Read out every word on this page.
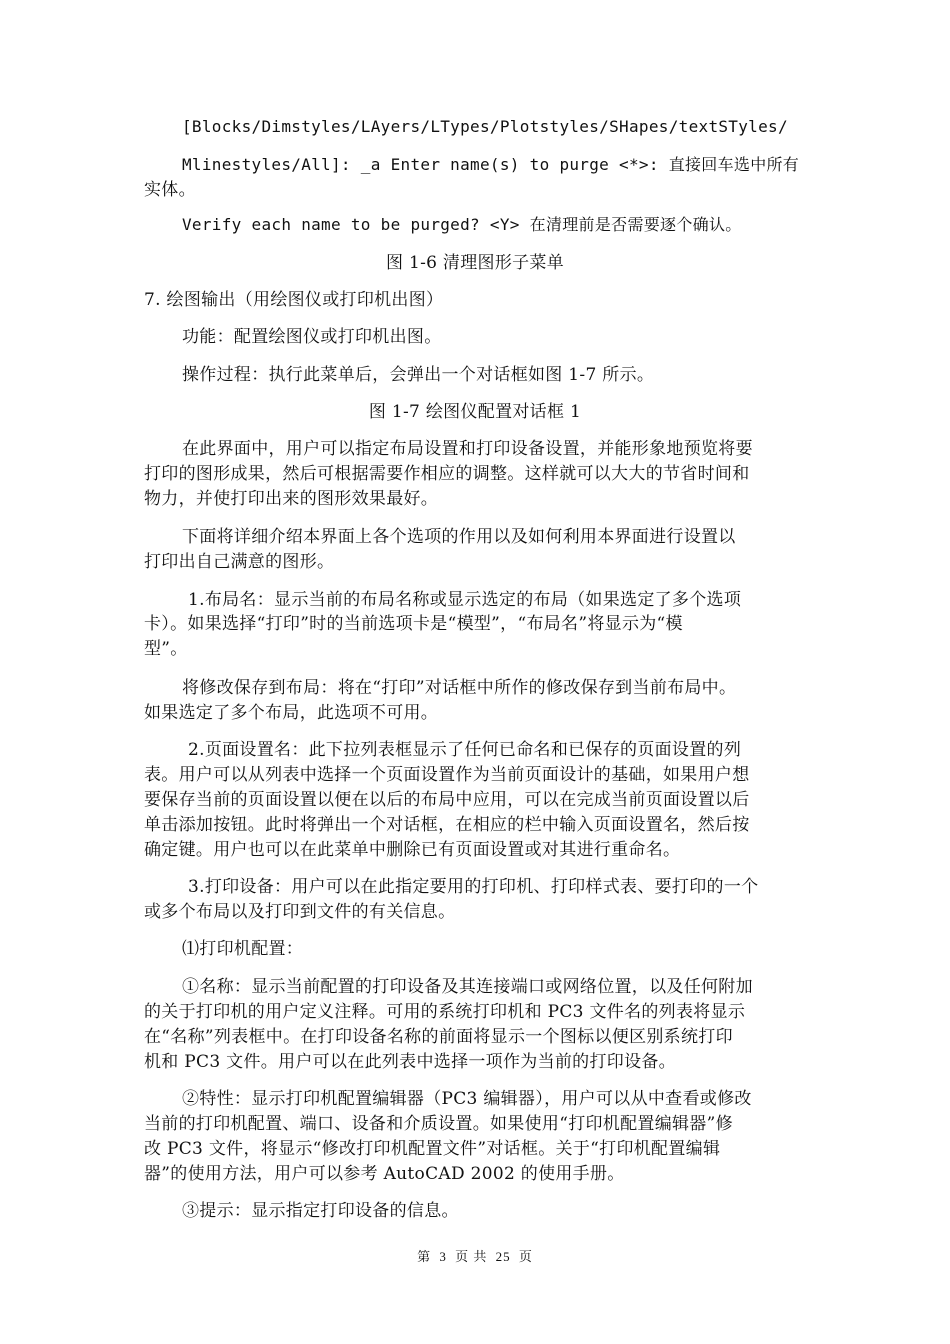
[Blocks/Dimstyles/LAyers/LTypes/Plotstyles/SHapes/textSTyles/
Mlinestyles/All]: _a Enter name(s) to purge <*>: 直接回车选中所有
实体。
Verify each name to be purged? <Y> 在清理前是否需要逐个确认。
图 1-6 清理图形子菜单
7. 绘图输出（用绘图仪或打印机出图）
功能：配置绘图仪或打印机出图。
操作过程：执行此菜单后，会弹出一个对话框如图 1-7 所示。
图 1-7 绘图仪配置对话框 1
在此界面中，用户可以指定布局设置和打印设备设置，并能形象地预览将要
打印的图形成果，然后可根据需要作相应的调整。这样就可以大大的节省时间和
物力，并使打印出来的图形效果最好。
下面将详细介绍本界面上各个选项的作用以及如何利用本界面进行设置以
打印出自己满意的图形。
1.布局名：显示当前的布局名称或显示选定的布局（如果选定了多个选项
卡）。如果选择“打印”时的当前选项卡是“模型”，“布局名”将显示为“模
型”。
将修改保存到布局：将在“打印”对话框中所作的修改保存到当前布局中。
如果选定了多个布局，此选项不可用。
2.页面设置名：此下拉列表框显示了任何已命名和已保存的页面设置的列
表。用户可以从列表中选择一个页面设置作为当前页面设计的基础，如果用户想
要保存当前的页面设置以便在以后的布局中应用，可以在完成当前页面设置以后
单击添加按钮。此时将弹出一个对话框，在相应的栏中输入页面设置名，然后按
确定键。用户也可以在此菜单中删除已有页面设置或对其进行重命名。
3.打印设备：用户可以在此指定要用的打印机、打印样式表、要打印的一个
或多个布局以及打印到文件的有关信息。
⑴打印机配置：
①名称：显示当前配置的打印设备及其连接端口或网络位置，以及任何附加
的关于打印机的用户定义注释。可用的系统打印机和 PC3 文件名的列表将显示
在“名称”列表框中。在打印设备名称的前面将显示一个图标以便区别系统打印
机和 PC3 文件。用户可以在此列表中选择一项作为当前的打印设备。
②特性：显示打印机配置编辑器（PC3 编辑器），用户可以从中查看或修改
当前的打印机配置、端口、设备和介质设置。如果使用“打印机配置编辑器”修
改 PC3 文件，将显示“修改打印机配置文件”对话框。关于“打印机配置编辑
器”的使用方法，用户可以参考 AutoCAD 2002 的使用手册。
③提示：显示指定打印设备的信息。
第 3 页 共 25 页
